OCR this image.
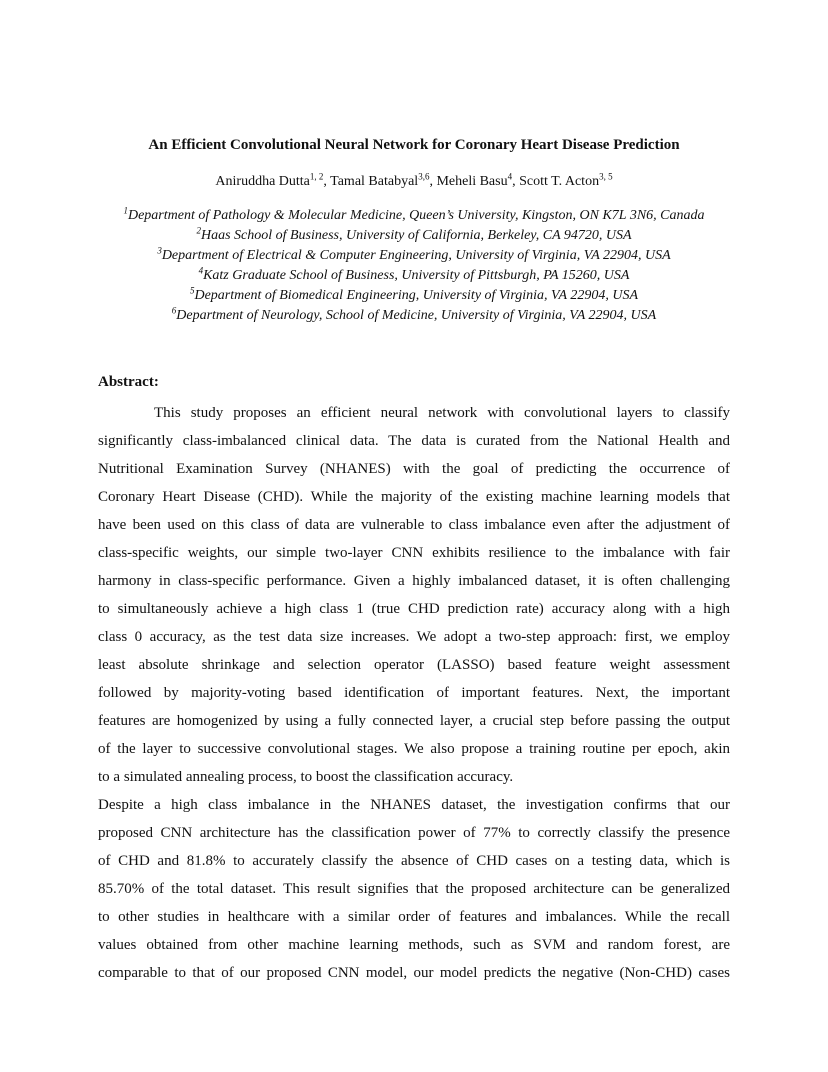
An Efficient Convolutional Neural Network for Coronary Heart Disease Prediction

Aniruddha Dutta$^{1, 2}$, Tamal Batabyal$^{3,6}$, Meheli Basu$^4$, Scott T. Acton$^{3, 5}$

$^1$Department of Pathology & Molecular Medicine, Queen’s University, Kingston, ON K7L 3N6, Canada
$^2$Haas School of Business, University of California, Berkeley, CA 94720, USA
$^3$Department of Electrical & Computer Engineering, University of Virginia, VA 22904, USA
$^4$Katz Graduate School of Business, University of Pittsburgh, PA 15260, USA
$^5$Department of Biomedical Engineering, University of Virginia, VA 22904, USA
$^6$Department of Neurology, School of Medicine, University of Virginia, VA 22904, USA
Abstract:

This study proposes an efficient neural network with convolutional layers to classify
significantly class-imbalanced clinical data. The data is curated from the National Health and
Nutritional Examination Survey (NHANES) with the goal of predicting the occurrence of
Coronary Heart Disease (CHD). While the majority of the existing machine learning models that
have been used on this class of data are vulnerable to class imbalance even after the adjustment of
class-specific weights, our simple two-layer CNN exhibits resilience to the imbalance with fair
harmony in class-specific performance. Given a highly imbalanced dataset, it is often challenging
to simultaneously achieve a high class 1 (true CHD prediction rate) accuracy along with a high
class 0 accuracy, as the test data size increases. We adopt a two-step approach: first, we employ
least absolute shrinkage and selection operator (LASSO) based feature weight assessment
followed by majority-voting based identification of important features. Next, the important
features are homogenized by using a fully connected layer, a crucial step before passing the output
of the layer to successive convolutional stages. We also propose a training routine per epoch, akin
to a simulated annealing process, to boost the classification accuracy.

Despite a high class imbalance in the NHANES dataset, the investigation confirms that our
proposed CNN architecture has the classification power of 77% to correctly classify the presence
of CHD and 81.8% to accurately classify the absence of CHD cases on a testing data, which is
85.70% of the total dataset. This result signifies that the proposed architecture can be generalized
to other studies in healthcare with a similar order of features and imbalances. While the recall
values obtained from other machine learning methods, such as SVM and random forest, are
comparable to that of our proposed CNN model, our model predicts the negative (Non-CHD) cases
